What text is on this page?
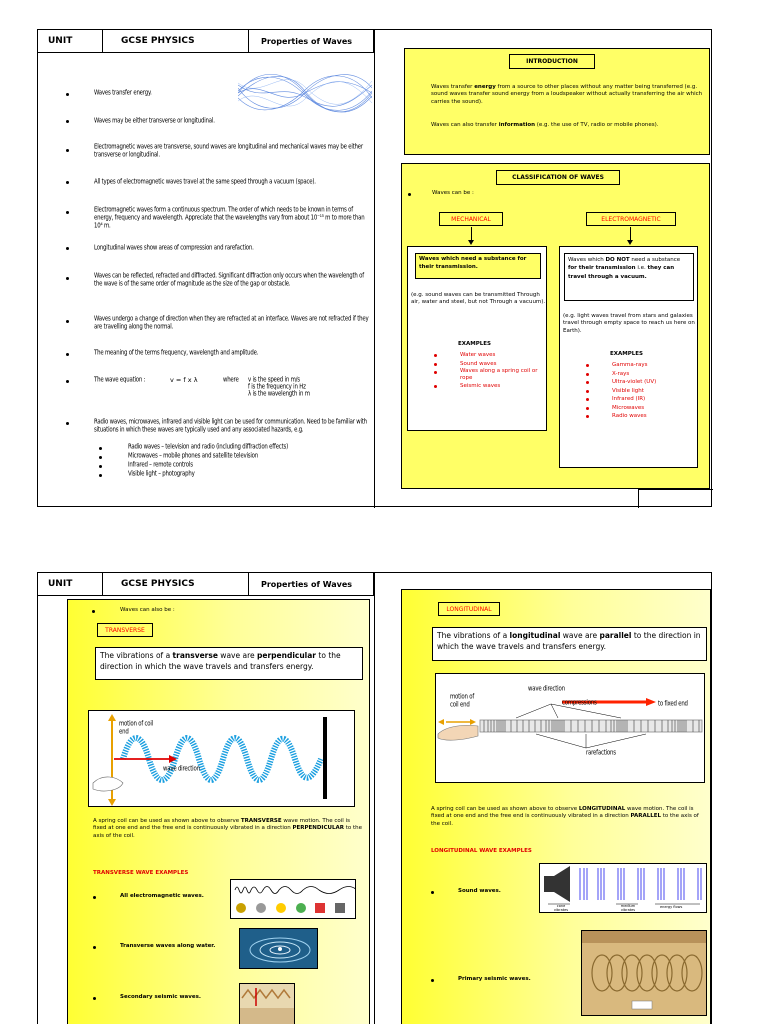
UNIT	GCSE PHYSICS	Properties of Waves
Waves transfer energy.
Waves may be either transverse or longitudinal.
Electromagnetic waves are transverse, sound waves are longitudinal and mechanical waves may be either transverse or longitudinal.
All types of electromagnetic waves travel at the same speed through a vacuum (space).
Electromagnetic waves form a continuous spectrum. The order of which needs to be known in terms of energy, frequency and wavelength. Appreciate that the wavelengths vary from about 10⁻¹⁵ m to more than 10⁴ m.
Longitudinal waves show areas of compression and rarefaction.
Waves can be reflected, refracted and diffracted. Significant diffraction only occurs when the wavelength of the wave is of the same order of magnitude as the size of the gap or obstacle.
Waves undergo a change of direction when they are refracted at an interface. Waves are not refracted if they are travelling along the normal.
The meaning of the terms frequency, wavelength and amplitude.
The wave equation :	v = f x λ	where v is the speed in m/s
f is the frequency in Hz
λ is the wavelength in m
Radio waves, microwaves, infrared and visible light can be used for communication. Need to be familiar with situations in which these waves are typically used and any associated hazards, e.g.
Radio waves – television and radio (including diffraction effects)
Microwaves – mobile phones and satellite television
Infrared – remote controls
Visible light – photography
INTRODUCTION
Waves transfer energy from a source to other places without any matter being transferred (e.g. sound waves transfer sound energy from a loudspeaker without actually transferring the air which carries the sound).
Waves can also transfer information (e.g. the use of TV, radio or mobile phones).
CLASSIFICATION OF WAVES
Waves can be :
MECHANICAL
Waves which need a substance for their transmission.
(e.g. sound waves can be transmitted Through air, water and steel, but not Through a vacuum).
EXAMPLES
Water waves
Sound waves
Waves along a spring coil or rope
Seismic waves
ELECTROMAGNETIC
Waves which DO NOT need a substance for their transmission i.e. they can travel through a vacuum.
(e.g. light waves travel from stars and galaxies travel through empty space to reach us here on Earth).
EXAMPLES
Gamma-rays
X-rays
Ultra-violet (UV)
Visible light
Infrared (IR)
Microwaves
Radio waves
UNIT	GCSE PHYSICS	Properties of Waves
Waves can also be :
TRANSVERSE
The vibrations of a transverse wave are perpendicular to the direction in which the wave travels and transfers energy.
motion of coil end
wave direction
A spring coil can be used as shown above to observe TRANSVERSE wave motion. The coil is fixed at one end and the free end is continuously vibrated in a direction PERPENDICULAR to the axis of the coil.
TRANSVERSE WAVE EXAMPLES
All electromagnetic waves.
Transverse waves along water.
Secondary seismic waves.
LONGITUDINAL
The vibrations of a longitudinal wave are parallel to the direction in which the wave travels and transfers energy.
motion of coil end
wave direction
compressions	to fixed end
rarefactions
A spring coil can be used as shown above to observe LONGITUDINAL wave motion. The coil is fixed at one end and the free end is continuously vibrated in a direction PARALLEL to the axis of the coil.
LONGITUDINAL WAVE EXAMPLES
Sound waves.
cone vibrates
medium vibrates
energy flows
Primary seismic waves.
